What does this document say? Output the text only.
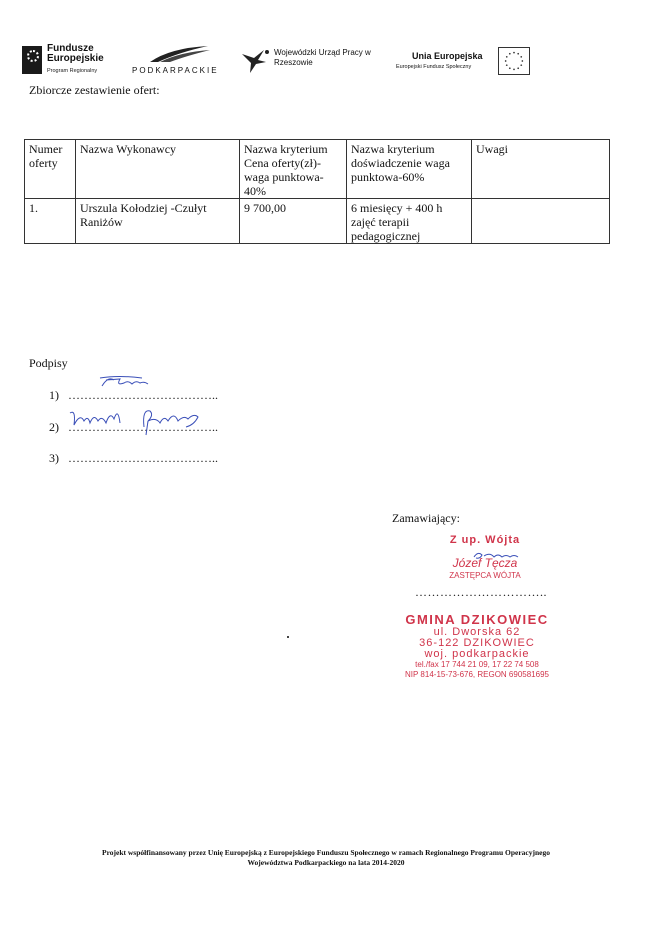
Fundusze Europejskie
Program Regionalny	PODKARPACKIE
Wojewódzki Urząd Pracy w Rzeszowie
Unia Europejska
Europejski Fundusz Społeczny
Zbiorcze zestawienie ofert:
Numer oferty	Nazwa Wykonawcy	Nazwa kryterium Cena oferty(zł)-waga punktowa-40%	Nazwa kryterium doświadczenie waga punktowa-60%	Uwagi
1.	Urszula Kołodziej -Czułyt Raniżów	9 700,00	6 miesięcy + 400 h zajęć terapii pedagogicznej	
Podpisy
1) ………………………………..
2) ………………………………..
3) ………………………………..
Zamawiający:
Z up. Wójta
Józef Tęcza
ZASTĘPCA WÓJTA
…………………………..
GMINA DZIKOWIEC
ul. Dworska 62
36-122 DZIKOWIEC
woj. podkarpackie
tel./fax 17 744 21 09, 17 22 74 508
NIP 814-15-73-676, REGON 690581695
Projekt współfinansowany przez Unię Europejską z Europejskiego Funduszu Społecznego w ramach Regionalnego Programu Operacyjnego
Województwa Podkarpackiego na lata 2014-2020
